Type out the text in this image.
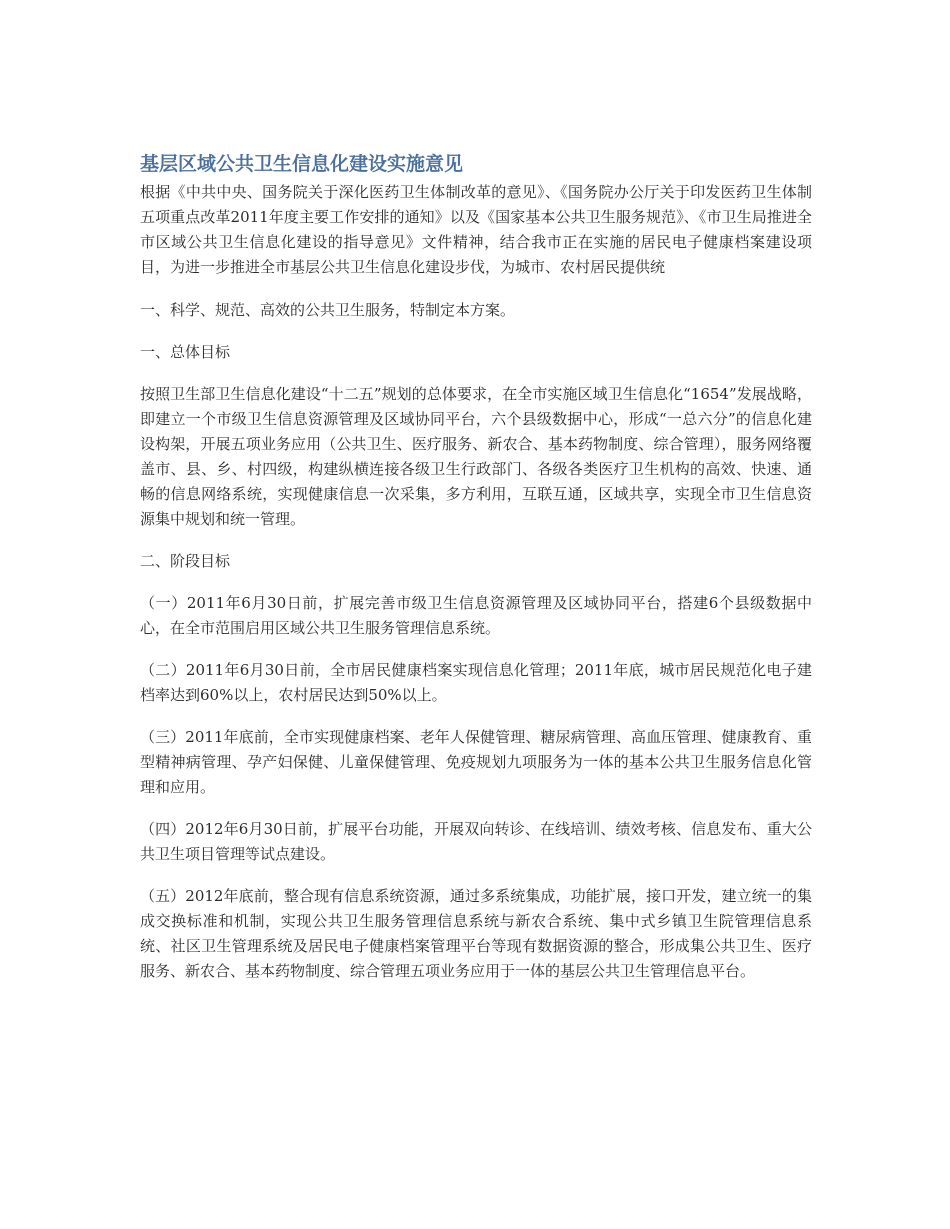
基层区域公共卫生信息化建设实施意见

根据《中共中央、国务院关于深化医药卫生体制改革的意见》、《国务院办公厅关于印发医药卫生体制五项重点改革2011年度主要工作安排的通知》以及《国家基本公共卫生服务规范》、《市卫生局推进全市区域公共卫生信息化建设的指导意见》文件精神，结合我市正在实施的居民电子健康档案建设项目，为进一步推进全市基层公共卫生信息化建设步伐，为城市、农村居民提供统

一、科学、规范、高效的公共卫生服务，特制定本方案。

一、总体目标

按照卫生部卫生信息化建设“十二五”规划的总体要求，在全市实施区域卫生信息化“1654”发展战略，即建立一个市级卫生信息资源管理及区域协同平台，六个县级数据中心，形成“一总六分”的信息化建设构架，开展五项业务应用（公共卫生、医疗服务、新农合、基本药物制度、综合管理），服务网络覆盖市、县、乡、村四级，构建纵横连接各级卫生行政部门、各级各类医疗卫生机构的高效、快速、通畅的信息网络系统，实现健康信息一次采集，多方利用，互联互通，区域共享，实现全市卫生信息资源集中规划和统一管理。

二、阶段目标

（一）2011年6月30日前，扩展完善市级卫生信息资源管理及区域协同平台，搭建6个县级数据中心，在全市范围启用区域公共卫生服务管理信息系统。

（二）2011年6月30日前，全市居民健康档案实现信息化管理；2011年底，城市居民规范化电子建档率达到60%以上，农村居民达到50%以上。

（三）2011年底前，全市实现健康档案、老年人保健管理、糖尿病管理、高血压管理、健康教育、重型精神病管理、孕产妇保健、儿童保健管理、免疫规划九项服务为一体的基本公共卫生服务信息化管理和应用。

（四）2012年6月30日前，扩展平台功能，开展双向转诊、在线培训、绩效考核、信息发布、重大公共卫生项目管理等试点建设。

（五）2012年底前，整合现有信息系统资源，通过多系统集成，功能扩展，接口开发，建立统一的集成交换标准和机制，实现公共卫生服务管理信息系统与新农合系统、集中式乡镇卫生院管理信息系统、社区卫生管理系统及居民电子健康档案管理平台等现有数据资源的整合，形成集公共卫生、医疗服务、新农合、基本药物制度、综合管理五项业务应用于一体的基层公共卫生管理信息平台。
